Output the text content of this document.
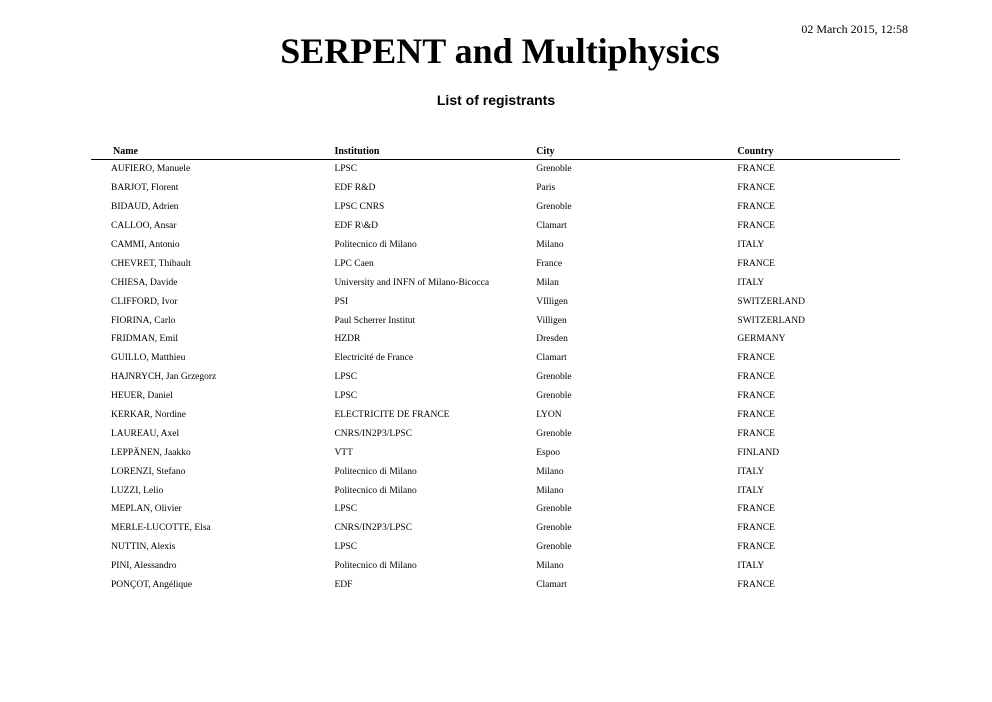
02 March 2015, 12:58
SERPENT and Multiphysics
List of registrants
Name	Institution	City	Country
AUFIERO, Manuele	LPSC	Grenoble	FRANCE
BARJOT, Florent	EDF R&D	Paris	FRANCE
BIDAUD, Adrien	LPSC CNRS	Grenoble	FRANCE
CALLOO, Ansar	EDF R\&D	Clamart	FRANCE
CAMMI, Antonio	Politecnico di Milano	Milano	ITALY
CHEVRET, Thibault	LPC Caen	France	FRANCE
CHIESA, Davide	University and INFN of Milano-Bicocca	Milan	ITALY
CLIFFORD, Ivor	PSI	VIlligen	SWITZERLAND
FIORINA, Carlo	Paul Scherrer Institut	Villigen	SWITZERLAND
FRIDMAN, Emil	HZDR	Dresden	GERMANY
GUILLO, Matthieu	Electricité de France	Clamart	FRANCE
HAJNRYCH, Jan Grzegorz	LPSC	Grenoble	FRANCE
HEUER, Daniel	LPSC	Grenoble	FRANCE
KERKAR, Nordine	ELECTRICITE DE FRANCE	LYON	FRANCE
LAUREAU, Axel	CNRS/IN2P3/LPSC	Grenoble	FRANCE
LEPPÄNEN, Jaakko	VTT	Espoo	FINLAND
LORENZI, Stefano	Politecnico di Milano	Milano	ITALY
LUZZI, Lelio	Politecnico di Milano	Milano	ITALY
MEPLAN, Olivier	LPSC	Grenoble	FRANCE
MERLE-LUCOTTE, Elsa	CNRS/IN2P3/LPSC	Grenoble	FRANCE
NUTTIN, Alexis	LPSC	Grenoble	FRANCE
PINI, Alessandro	Politecnico di Milano	Milano	ITALY
PONÇOT, Angélique	EDF	Clamart	FRANCE
